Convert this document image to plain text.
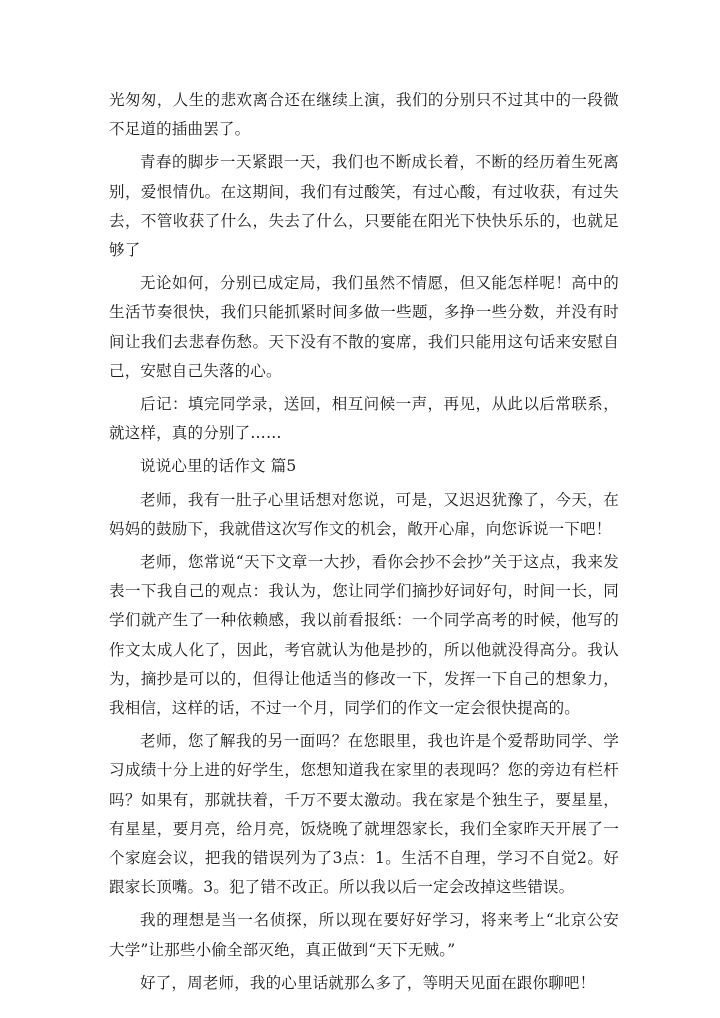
光匆匆，人生的悲欢离合还在继续上演，我们的分别只不过其中的一段微不足道的插曲罢了。

青春的脚步一天紧跟一天，我们也不断成长着，不断的经历着生死离别，爱恨情仇。在这期间，我们有过酸笑，有过心酸，有过收获，有过失去，不管收获了什么，失去了什么，只要能在阳光下快快乐乐的，也就足够了

无论如何，分别已成定局，我们虽然不情愿，但又能怎样呢！高中的生活节奏很快，我们只能抓紧时间多做一些题，多挣一些分数，并没有时间让我们去悲春伤愁。天下没有不散的宴席，我们只能用这句话来安慰自己，安慰自己失落的心。

后记：填完同学录，送回，相互问候一声，再见，从此以后常联系，就这样，真的分别了……

说说心里的话作文 篇5

老师，我有一肚子心里话想对您说，可是，又迟迟犹豫了，今天，在妈妈的鼓励下，我就借这次写作文的机会，敞开心扉，向您诉说一下吧！

老师，您常说“天下文章一大抄，看你会抄不会抄”关于这点，我来发表一下我自己的观点：我认为，您让同学们摘抄好词好句，时间一长，同学们就产生了一种依赖感，我以前看报纸：一个同学高考的时候，他写的作文太成人化了，因此，考官就认为他是抄的，所以他就没得高分。我认为，摘抄是可以的，但得让他适当的修改一下，发挥一下自己的想象力，我相信，这样的话，不过一个月，同学们的作文一定会很快提高的。

老师，您了解我的另一面吗？在您眼里，我也许是个爱帮助同学、学习成绩十分上进的好学生，您想知道我在家里的表现吗？您的旁边有栏杆吗？如果有，那就扶着，千万不要太激动。我在家是个独生子，要星星，有星星，要月亮，给月亮，饭烧晚了就埋怨家长，我们全家昨天开展了一个家庭会议，把我的错误列为了3点：1。生活不自理，学习不自觉2。好跟家长顶嘴。3。犯了错不改正。所以我以后一定会改掉这些错误。

我的理想是当一名侦探，所以现在要好好学习，将来考上“北京公安大学”让那些小偷全部灭绝，真正做到“天下无贼。”

好了，周老师，我的心里话就那么多了，等明天见面在跟你聊吧！
